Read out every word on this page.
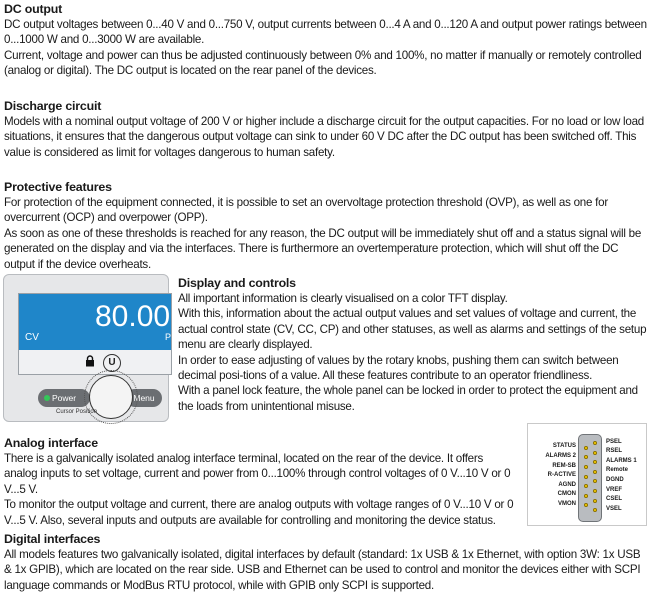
DC output

DC output voltages between 0...40 V and 0...750 V, output currents between 0...4 A and 0...120 A and output power ratings between 0...1000 W and 0...3000 W are available.

Current, voltage and power can thus be adjusted continuously between 0% and 100%, no matter if manually or remotely controlled (analog or digital). The DC output is located on the rear panel of the devices.

Discharge circuit

Models with a nominal output voltage of 200 V or higher include a discharge circuit for the output capacities. For no load or low load situations, it ensures that the dangerous output voltage can sink to under 60 V DC after the DC output has been switched off. This value is considered as limit for voltages dangerous to human safety.

Protective features

For protection of the equipment connected, it is possible to set an overvoltage protection threshold (OVP), as well as one for overcurrent (OCP) and overpower (OPP).

As soon as one of these thresholds is reached for any reason, the DC output will be immediately shut off and a status signal will be generated on the display and via the interfaces. There is furthermore an overtemperature protection, which will shut off the DC output if the device overheats.

80.00
CV	P
U
Power	Menu
Cursor Position

Display and controls

All important information is clearly visualised on a color TFT display.

With this, information about the actual output values and set values of voltage and current, the actual control state (CV, CC, CP) and other statuses, as well as alarms and settings of the setup menu are clearly displayed.

In order to ease adjusting of values by the rotary knobs, pushing them can switch between decimal posi-tions of a value. All these features contribute to an operator friendliness.

With a panel lock feature, the whole panel can be locked in order to protect the equipment and the loads from unintentional misuse.

Analog interface

There is a galvanically isolated analog interface terminal, located on the rear of the device. It offers analog inputs to set voltage, current and power from 0...100% through control voltages of 0 V...10 V or 0 V...5 V.

To monitor the output voltage and current, there are analog outputs with voltage ranges of 0 V...10 V or 0 V...5 V. Also, several inputs and outputs are available for controlling and monitoring the device status.

PSEL
RSEL
ALARMS 1
Remote
DGND
VREF
CSEL
VSEL
STATUS
ALARMS 2
REM-SB
R-ACTIVE
AGND
CMON
VMON

Digital interfaces

All models features two galvanically isolated, digital interfaces by default (standard: 1x USB & 1x Ethernet, with option 3W: 1x USB & 1x GPIB), which are located on the rear side. USB and Ethernet can be used to control and monitor the devices either with SCPI language commands or ModBus RTU protocol, while with GPIB only SCPI is supported.
